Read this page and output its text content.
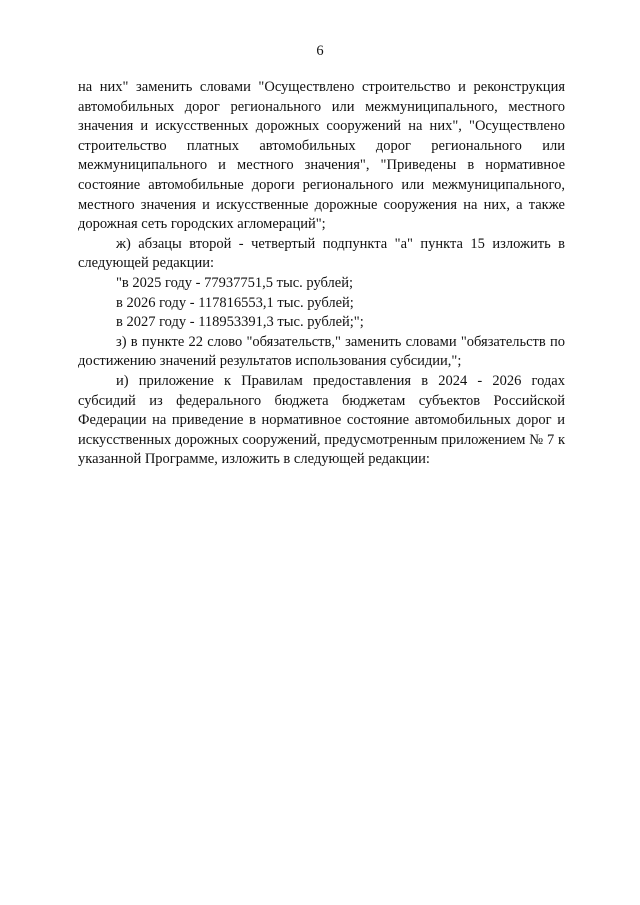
6

на них" заменить словами "Осуществлено строительство и реконструкция автомобильных дорог регионального или межмуниципального, местного значения и искусственных дорожных сооружений на них", "Осуществлено строительство платных автомобильных дорог регионального или межмуниципального и местного значения", "Приведены в нормативное состояние автомобильные дороги регионального или межмуниципального, местного значения и искусственные дорожные сооружения на них, а также дорожная сеть городских агломераций";

ж) абзацы второй - четвертый подпункта "а" пункта 15 изложить в следующей редакции:

"в 2025 году - 77937751,5 тыс. рублей;

в 2026 году - 117816553,1 тыс. рублей;

в 2027 году - 118953391,3 тыс. рублей;";

з) в пункте 22 слово "обязательств," заменить словами "обязательств по достижению значений результатов использования субсидии,";

и) приложение к Правилам предоставления в 2024 - 2026 годах субсидий из федерального бюджета бюджетам субъектов Российской Федерации на приведение в нормативное состояние автомобильных дорог и искусственных дорожных сооружений, предусмотренным приложением № 7 к указанной Программе, изложить в следующей редакции:
